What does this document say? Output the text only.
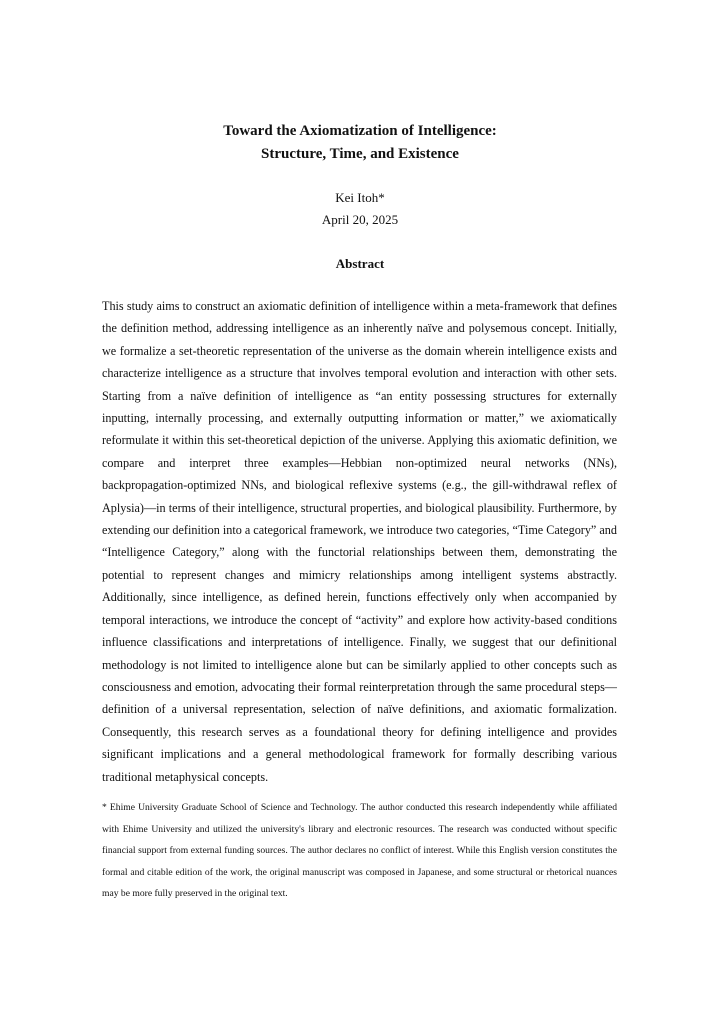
Toward the Axiomatization of Intelligence:

Structure, Time, and Existence

Kei Itoh*
April 20, 2025
Abstract

This study aims to construct an axiomatic definition of intelligence within a meta-framework that defines the definition method, addressing intelligence as an inherently naïve and polysemous concept. Initially, we formalize a set-theoretic representation of the universe as the domain wherein intelligence exists and characterize intelligence as a structure that involves temporal evolution and interaction with other sets. Starting from a naïve definition of intelligence as “an entity possessing structures for externally inputting, internally processing, and externally outputting information or matter,” we axiomatically reformulate it within this set-theoretical depiction of the universe. Applying this axiomatic definition, we compare and interpret three examples—Hebbian non-optimized neural networks (NNs), backpropagation-optimized NNs, and biological reflexive systems (e.g., the gill-withdrawal reflex of Aplysia)—in terms of their intelligence, structural properties, and biological plausibility. Furthermore, by extending our definition into a categorical framework, we introduce two categories, “Time Category” and “Intelligence Category,” along with the functorial relationships between them, demonstrating the potential to represent changes and mimicry relationships among intelligent systems abstractly. Additionally, since intelligence, as defined herein, functions effectively only when accompanied by temporal interactions, we introduce the concept of “activity” and explore how activity-based conditions influence classifications and interpretations of intelligence. Finally, we suggest that our definitional methodology is not limited to intelligence alone but can be similarly applied to other concepts such as consciousness and emotion, advocating their formal reinterpretation through the same procedural steps—definition of a universal representation, selection of naïve definitions, and axiomatic formalization. Consequently, this research serves as a foundational theory for defining intelligence and provides significant implications and a general methodological framework for formally describing various traditional metaphysical concepts.

* Ehime University Graduate School of Science and Technology. The author conducted this research independently while affiliated with Ehime University and utilized the university's library and electronic resources. The research was conducted without specific financial support from external funding sources. The author declares no conflict of interest. While this English version constitutes the formal and citable edition of the work, the original manuscript was composed in Japanese, and some structural or rhetorical nuances may be more fully preserved in the original text.
